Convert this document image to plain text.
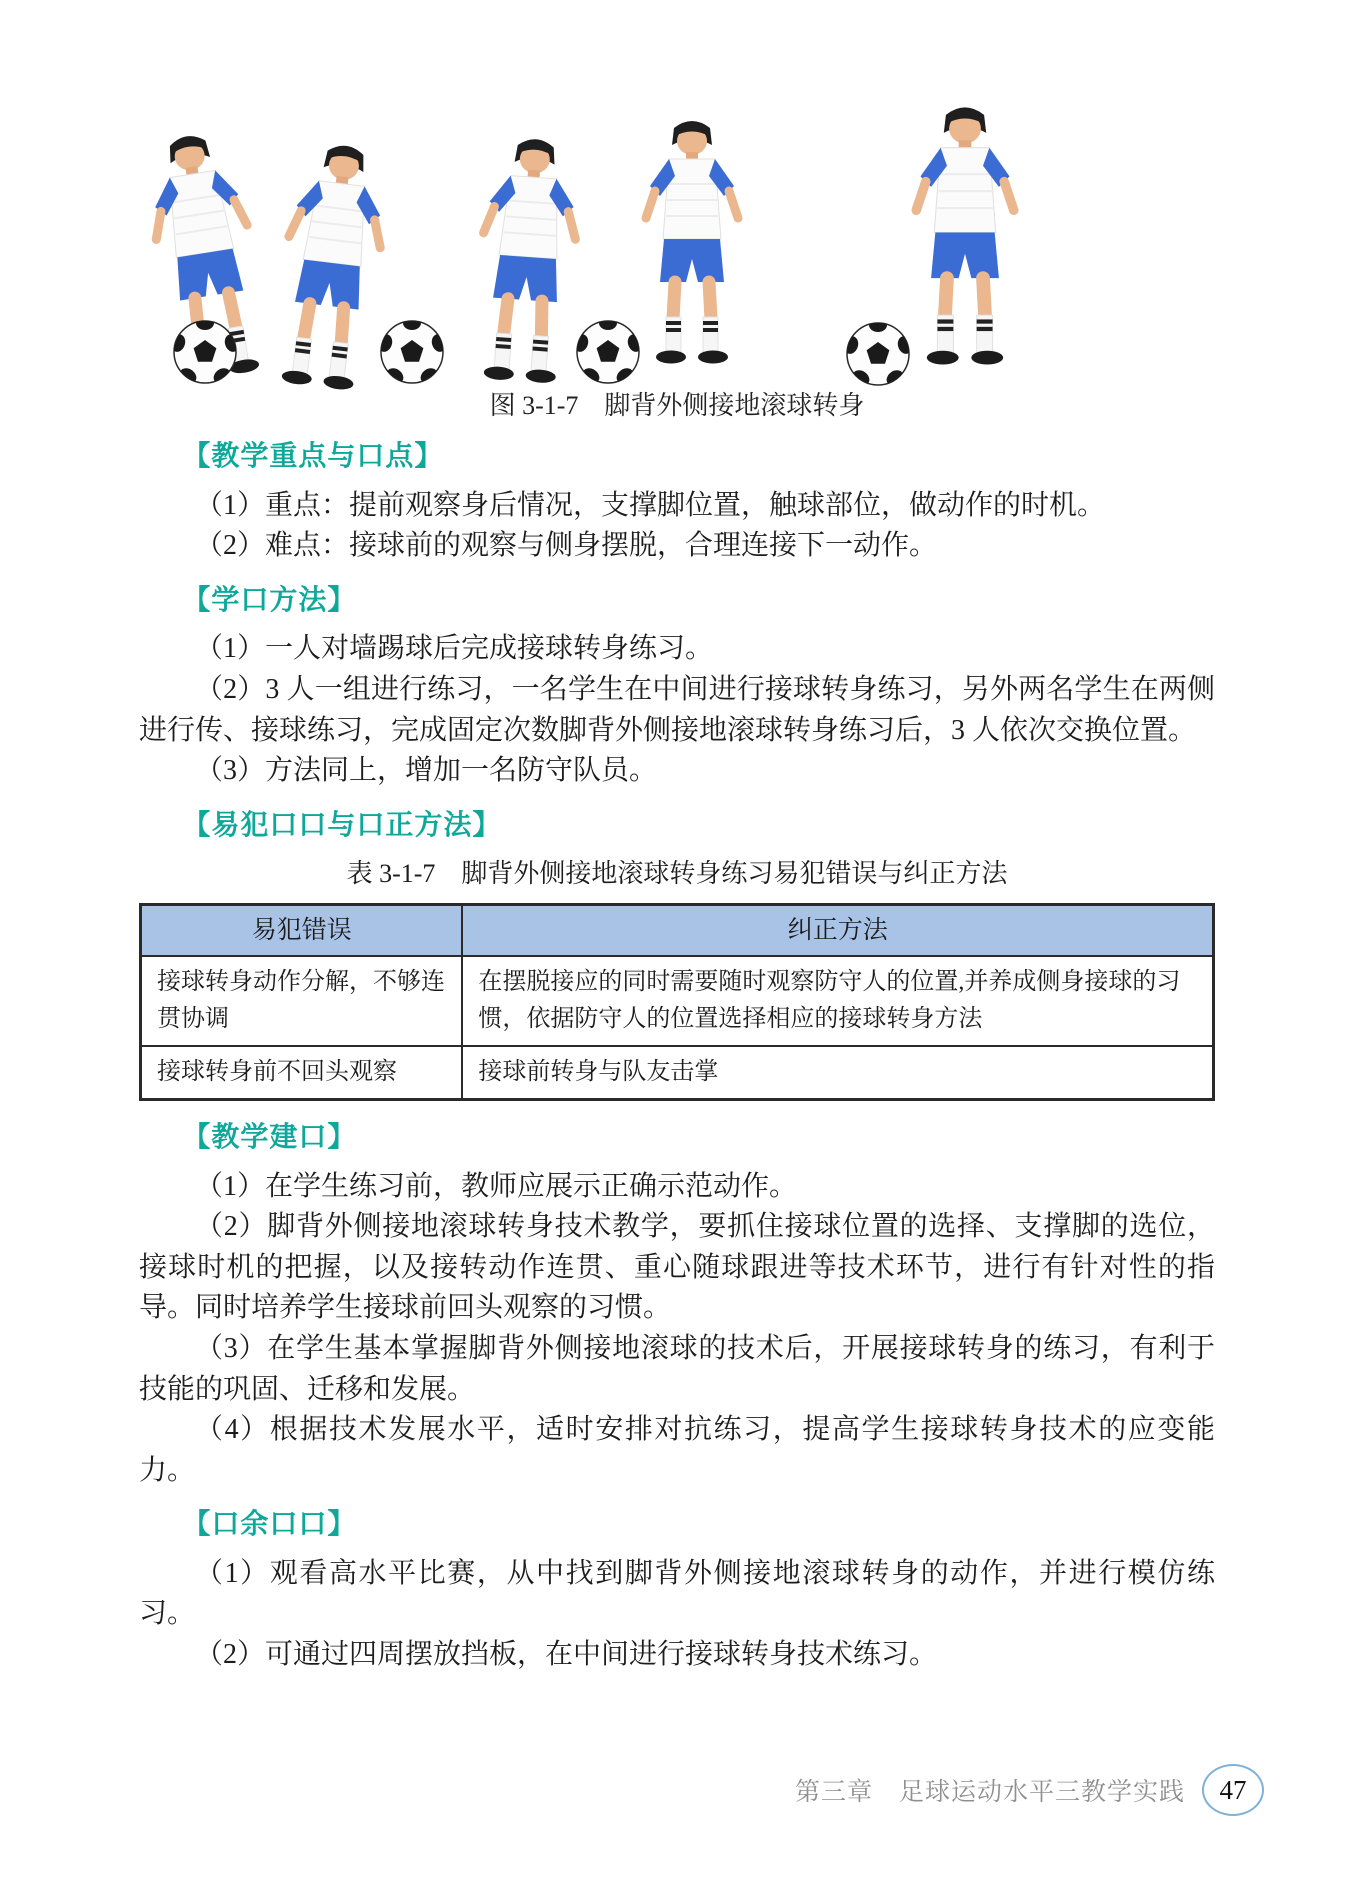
图 3-1-7　脚背外侧接地滚球转身
【教学重点与口点】

（1）重点：提前观察身后情况，支撑脚位置，触球部位，做动作的时机。

（2）难点：接球前的观察与侧身摆脱，合理连接下一动作。

【学口方法】

（1）一人对墙踢球后完成接球转身练习。

（2）3 人一组进行练习，一名学生在中间进行接球转身练习，另外两名学生在两侧进行传、接球练习，完成固定次数脚背外侧接地滚球转身练习后，3 人依次交换位置。

（3）方法同上，增加一名防守队员。

【易犯口口与口正方法】
表 3-1-7　脚背外侧接地滚球转身练习易犯错误与纠正方法
易犯错误	纠正方法
接球转身动作分解，不够连贯协调	在摆脱接应的同时需要随时观察防守人的位置,并养成侧身接球的习惯，依据防守人的位置选择相应的接球转身方法
接球转身前不回头观察	接球前转身与队友击掌
【教学建口】

（1）在学生练习前，教师应展示正确示范动作。

（2）脚背外侧接地滚球转身技术教学，要抓住接球位置的选择、支撑脚的选位，接球时机的把握，以及接转动作连贯、重心随球跟进等技术环节，进行有针对性的指导。同时培养学生接球前回头观察的习惯。

（3）在学生基本掌握脚背外侧接地滚球的技术后，开展接球转身的练习，有利于技能的巩固、迁移和发展。

（4）根据技术发展水平，适时安排对抗练习，提高学生接球转身技术的应变能力。

【口余口口】

（1）观看高水平比赛，从中找到脚背外侧接地滚球转身的动作，并进行模仿练习。

（2）可通过四周摆放挡板，在中间进行接球转身技术练习。

第三章　足球运动水平三教学实践	47
